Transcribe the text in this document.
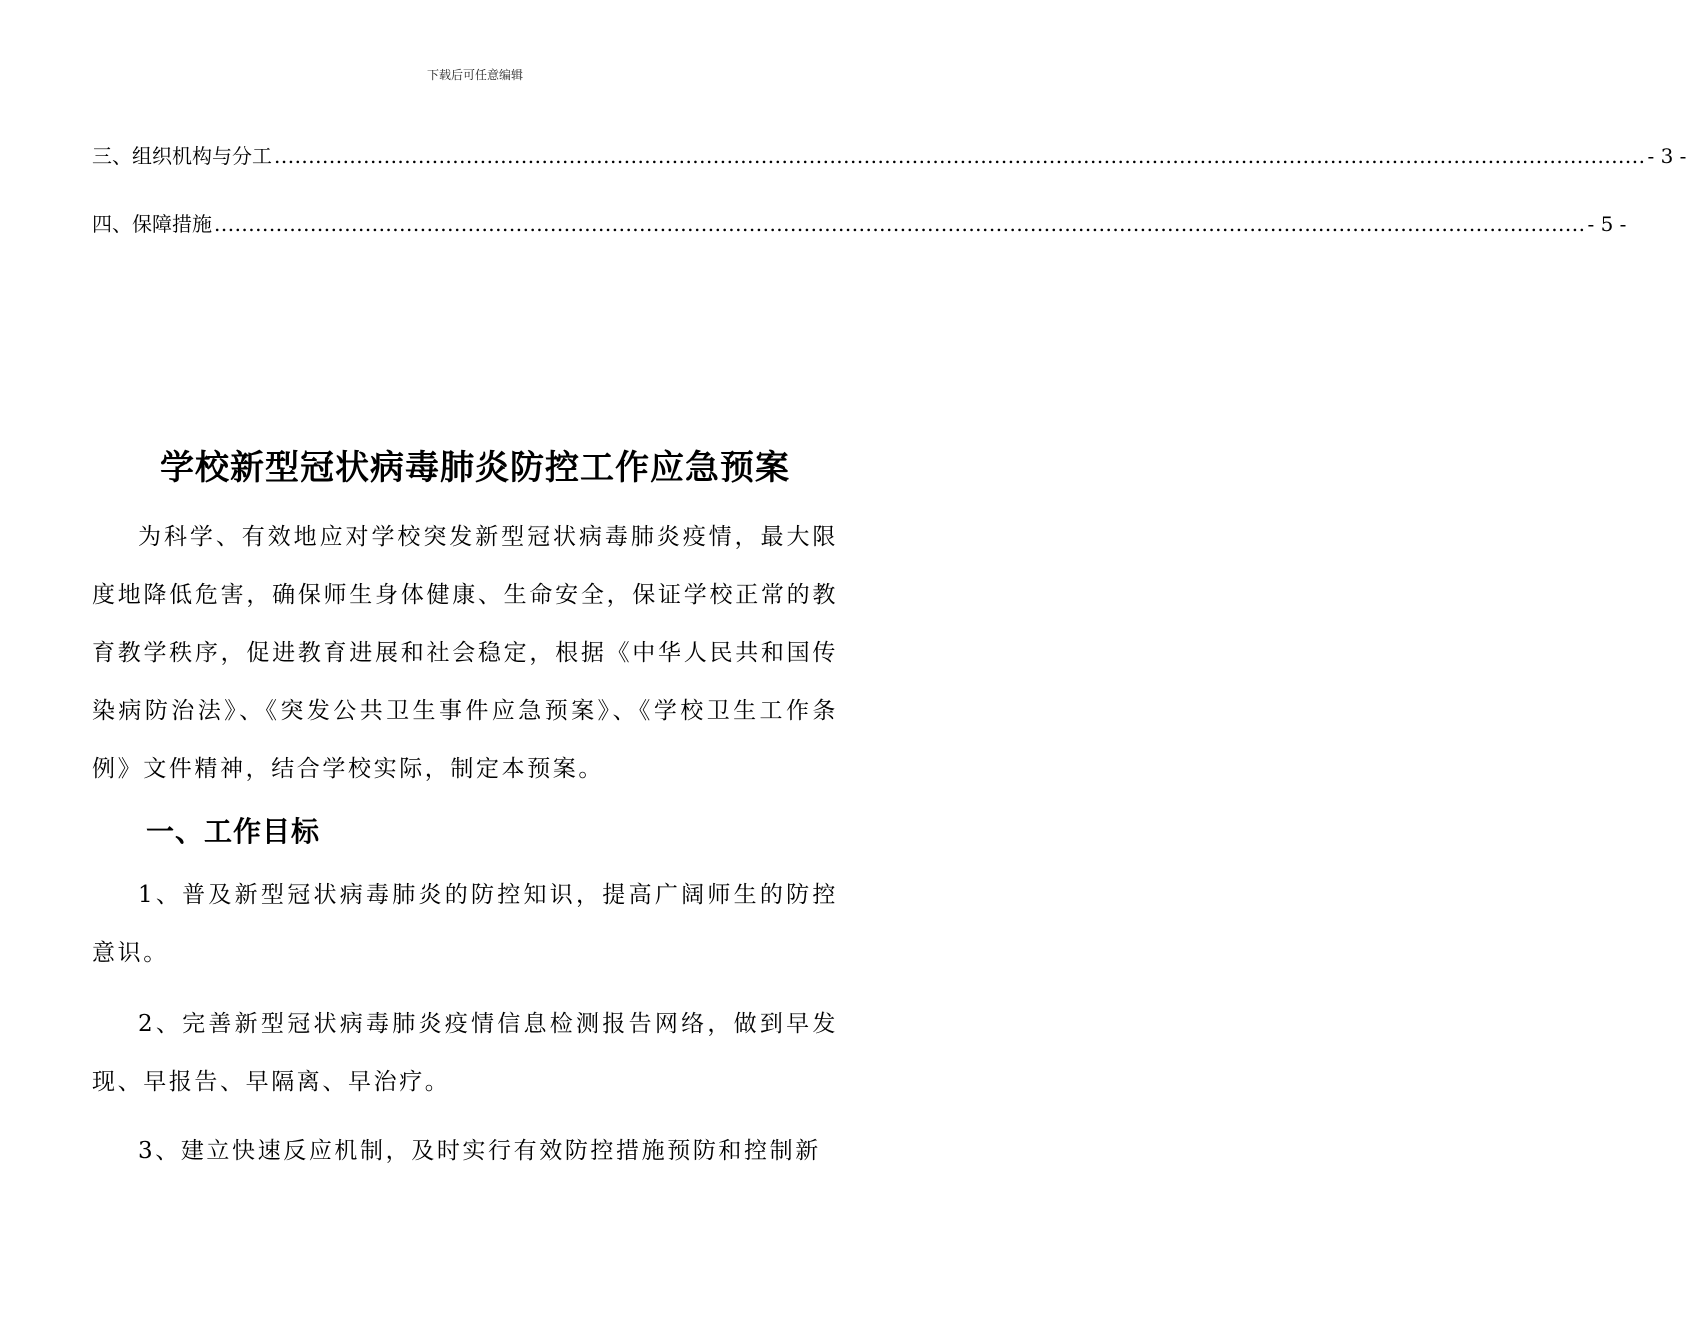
下载后可任意编辑
三、组织机构与分工 ........................................................................................................................................................................................................ - 3 -
四、保障措施 ........................................................................................................................................................................................................ - 5 -
学校新型冠状病毒肺炎防控工作应急预案

为科学、有效地应对学校突发新型冠状病毒肺炎疫情，最大限度地降低危害，确保师生身体健康、生命安全，保证学校正常的教育教学秩序，促进教育进展和社会稳定，根据《中华人民共和国传染病防治法》、《突发公共卫生事件应急预案》、《学校卫生工作条例》文件精神，结合学校实际，制定本预案。

一、工作目标

1、普及新型冠状病毒肺炎的防控知识，提高广阔师生的防控意识。

2、完善新型冠状病毒肺炎疫情信息检测报告网络，做到早发现、早报告、早隔离、早治疗。

3、建立快速反应机制，及时实行有效防控措施预防和控制新
